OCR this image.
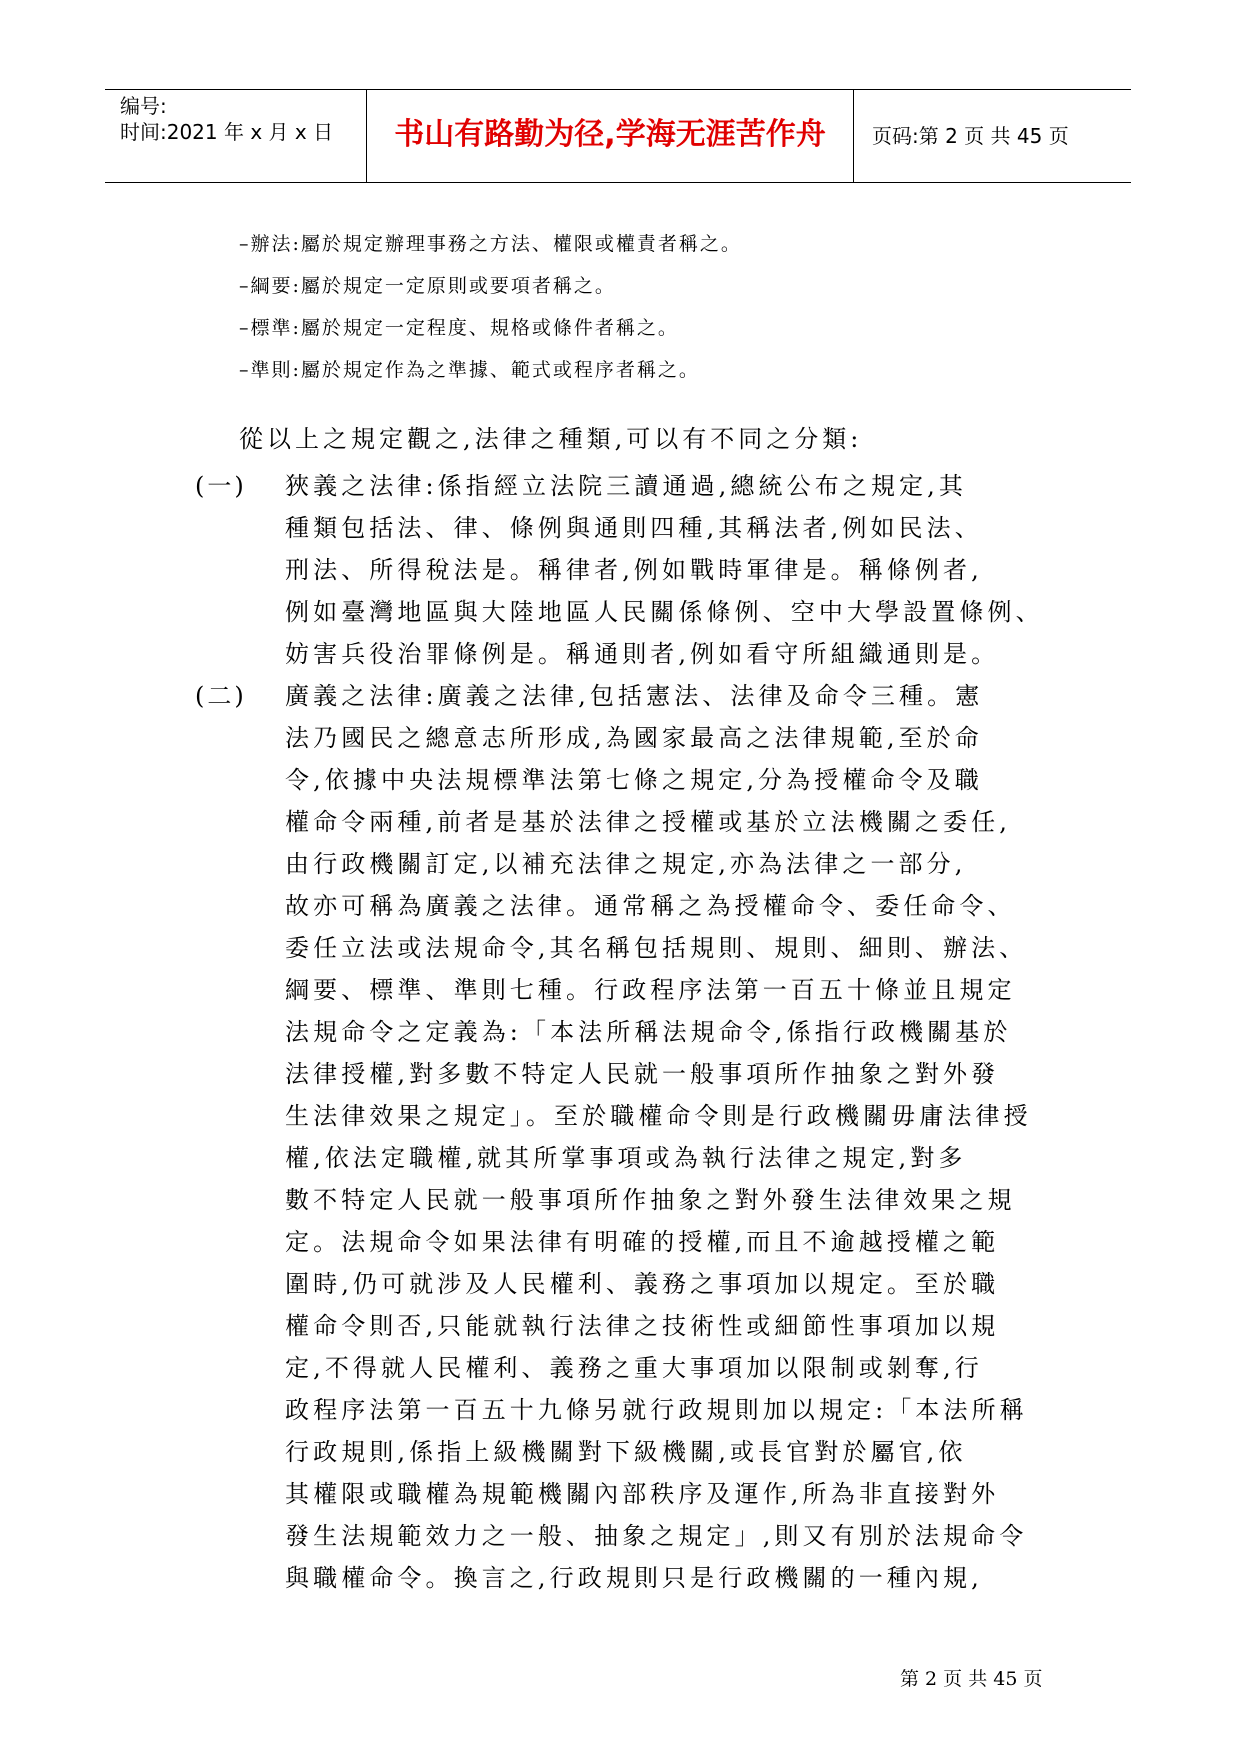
编号:
时间:2021 年 x 月 x 日	书山有路勤为径,学海无涯苦作舟	页码:第 2 页 共 45 页
–辦法:屬於規定辦理事務之方法、權限或權責者稱之。
–綱要:屬於規定一定原則或要項者稱之。
–標準:屬於規定一定程度、規格或條件者稱之。
–準則:屬於規定作為之準據、範式或程序者稱之。
從以上之規定觀之,法律之種類,可以有不同之分類:
(一) 狹義之法律:係指經立法院三讀通過,總統公布之規定,其
種類包括法、律、條例與通則四種,其稱法者,例如民法、
刑法、所得稅法是。稱律者,例如戰時軍律是。稱條例者,
例如臺灣地區與大陸地區人民關係條例、空中大學設置條例、
妨害兵役治罪條例是。稱通則者,例如看守所組織通則是。
(二) 廣義之法律:廣義之法律,包括憲法、法律及命令三種。憲
法乃國民之總意志所形成,為國家最高之法律規範,至於命
令,依據中央法規標準法第七條之規定,分為授權命令及職
權命令兩種,前者是基於法律之授權或基於立法機關之委任,
由行政機關訂定,以補充法律之規定,亦為法律之一部分,
故亦可稱為廣義之法律。通常稱之為授權命令、委任命令、
委任立法或法規命令,其名稱包括規則、規則、細則、辦法、
綱要、標準、準則七種。行政程序法第一百五十條並且規定
法規命令之定義為:「本法所稱法規命令,係指行政機關基於
法律授權,對多數不特定人民就一般事項所作抽象之對外發
生法律效果之規定」。至於職權命令則是行政機關毋庸法律授
權,依法定職權,就其所掌事項或為執行法律之規定,對多
數不特定人民就一般事項所作抽象之對外發生法律效果之規
定。法規命令如果法律有明確的授權,而且不逾越授權之範
圍時,仍可就涉及人民權利、義務之事項加以規定。至於職
權命令則否,只能就執行法律之技術性或細節性事項加以規
定,不得就人民權利、義務之重大事項加以限制或剝奪,行
政程序法第一百五十九條另就行政規則加以規定:「本法所稱
行政規則,係指上級機關對下級機關,或長官對於屬官,依
其權限或職權為規範機關內部秩序及運作,所為非直接對外
發生法規範效力之一般、抽象之規定」,則又有別於法規命令
與職權命令。換言之,行政規則只是行政機關的一種內規,
第 2 页 共 45 页
